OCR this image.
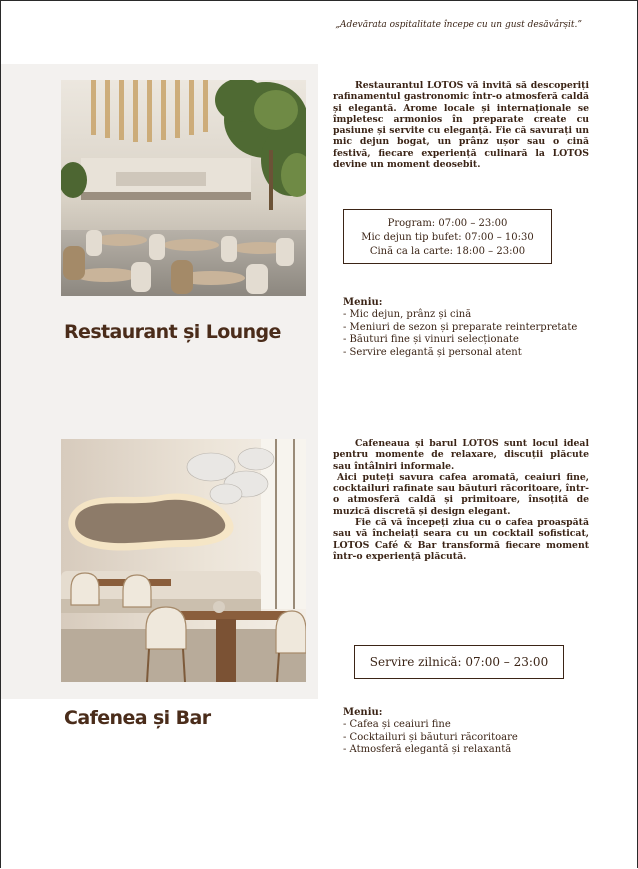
„Adevărata ospitalitate începe cu un gust desăvârșit.”
Restaurant și Lounge

Restaurantul LOTOS vă invită să descoperiți rafinamentul gastronomic într-o atmosferă caldă și elegantă. Arome locale și internaționale se împletesc armonios în preparate create cu pasiune și servite cu eleganță. Fie că savurați un mic dejun bogat, un prânz ușor sau o cină festivă, fiecare experiență culinară la LOTOS devine un moment deosebit.

Program: 07:00 – 23:00
Mic dejun tip bufet: 07:00 – 10:30
Cină ca la carte: 18:00 – 23:00
Meniu:
- Mic dejun, prânz și cină
- Meniuri de sezon și preparate reinterpretate
- Băuturi fine și vinuri selecționate
- Servire elegantă și personal atent
Cafenea și Bar

Cafeneaua și barul LOTOS sunt locul ideal pentru momente de relaxare, discuții plăcute sau întâlniri informale.

Aici puteți savura cafea aromată, ceaiuri fine, cocktailuri rafinate sau băuturi răcoritoare, într-o atmosferă caldă și primitoare, însoțită de muzică discretă și design elegant.

Fie că vă începeți ziua cu o cafea proaspătă sau vă încheiați seara cu un cocktail sofisticat, LOTOS Café & Bar transformă fiecare moment într-o experiență plăcută.

Servire zilnică: 07:00 – 23:00
Meniu:
- Cafea și ceaiuri fine
- Cocktailuri și băuturi răcoritoare
- Atmosferă elegantă și relaxantă
